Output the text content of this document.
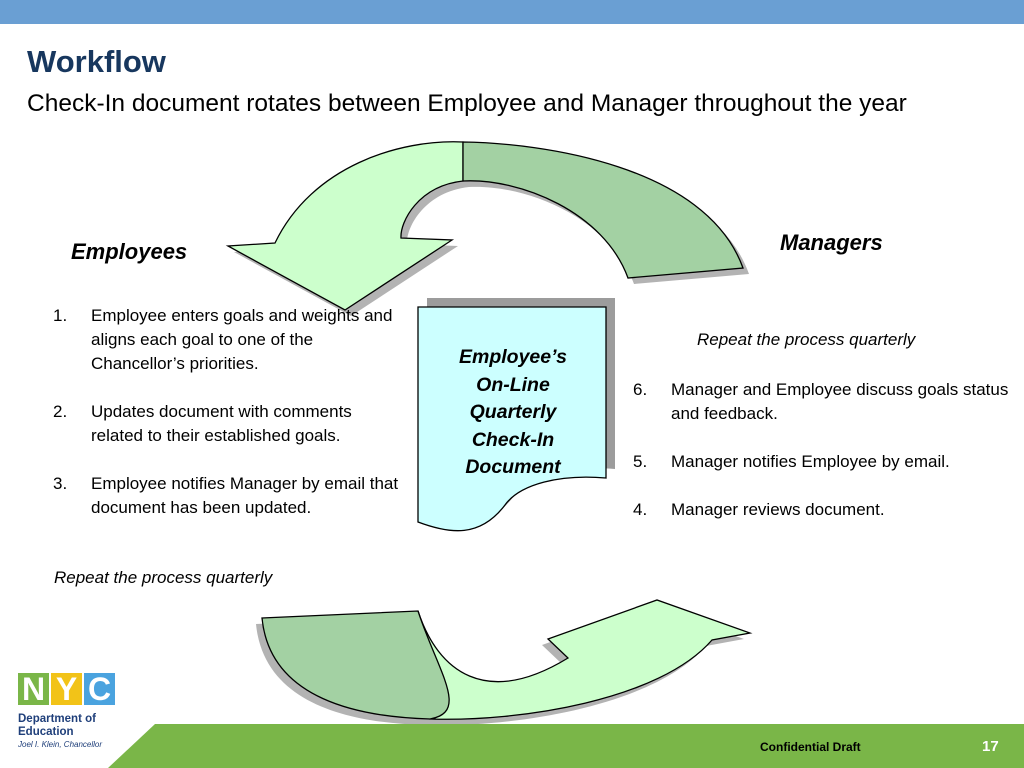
Workflow
Check-In document rotates between Employee and Manager throughout the year
Employees	Managers
1. Employee enters goals and weights and aligns each goal to one of the Chancellor’s priorities.
2. Updates document with comments related to their established goals.
3. Employee notifies Manager by email that document has been updated.
Repeat the process quarterly
Repeat the process quarterly
6. Manager and Employee discuss goals status and feedback.
5. Manager notifies Employee by email.
4. Manager reviews document.
Employee’s
On-Line
Quarterly
Check-In
Document
N Y C
Department of
Education
Joel I. Klein, Chancellor	Confidential Draft	17
